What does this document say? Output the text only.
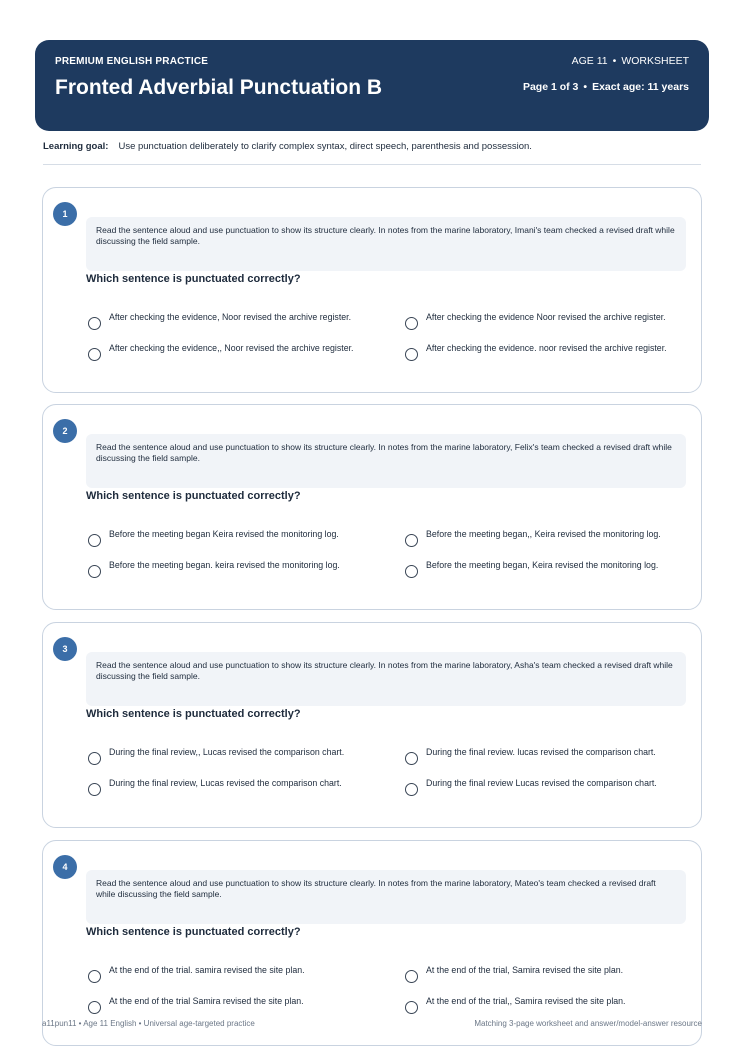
PREMIUM ENGLISH PRACTICE
Fronted Adverbial Punctuation B
AGE 11 • WORKSHEET
Page 1 of 3 • Exact age: 11 years
Learning goal: Use punctuation deliberately to clarify complex syntax, direct speech, parenthesis and possession.
1
Read the sentence aloud and use punctuation to show its structure clearly. In notes from the marine laboratory, Imani's team checked a revised draft while discussing the field sample.
Which sentence is punctuated correctly?
After checking the evidence, Noor revised the archive register.	After checking the evidence Noor revised the archive register.
After checking the evidence,, Noor revised the archive register.	After checking the evidence. noor revised the archive register.
2
Read the sentence aloud and use punctuation to show its structure clearly. In notes from the marine laboratory, Felix's team checked a revised draft while discussing the field sample.
Which sentence is punctuated correctly?
Before the meeting began Keira revised the monitoring log.	Before the meeting began,, Keira revised the monitoring log.
Before the meeting began. keira revised the monitoring log.	Before the meeting began, Keira revised the monitoring log.
3
Read the sentence aloud and use punctuation to show its structure clearly. In notes from the marine laboratory, Asha's team checked a revised draft while discussing the field sample.
Which sentence is punctuated correctly?
During the final review,, Lucas revised the comparison chart.	During the final review. lucas revised the comparison chart.
During the final review, Lucas revised the comparison chart.	During the final review Lucas revised the comparison chart.
4
Read the sentence aloud and use punctuation to show its structure clearly. In notes from the marine laboratory, Mateo's team checked a revised draft while discussing the field sample.
Which sentence is punctuated correctly?
At the end of the trial. samira revised the site plan.	At the end of the trial, Samira revised the site plan.
At the end of the trial Samira revised the site plan.	At the end of the trial,, Samira revised the site plan.
a11pun11 • Age 11 English • Universal age-targeted practice	Matching 3-page worksheet and answer/model-answer resource
